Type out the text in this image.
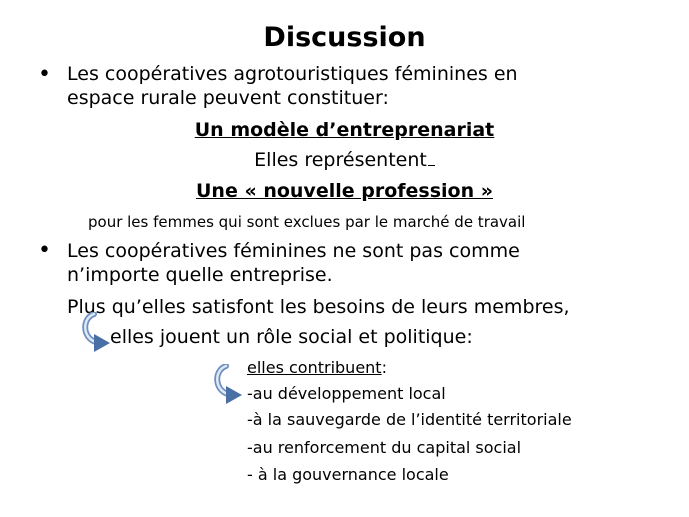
Discussion
• Les coopératives agrotouristiques féminines en
espace rurale peuvent constituer:
Un modèle d’entreprenariat
Elles représentent
Une « nouvelle profession »
pour les femmes qui sont exclues par le marché de travail
• Les coopératives féminines ne sont pas comme
n’importe quelle entreprise.
Plus qu’elles satisfont les besoins de leurs membres,
elles jouent un rôle social et politique:
elles contribuent:
-au développement local
-à la sauvegarde de l’identité territoriale
-au renforcement du capital social
- à la gouvernance locale
